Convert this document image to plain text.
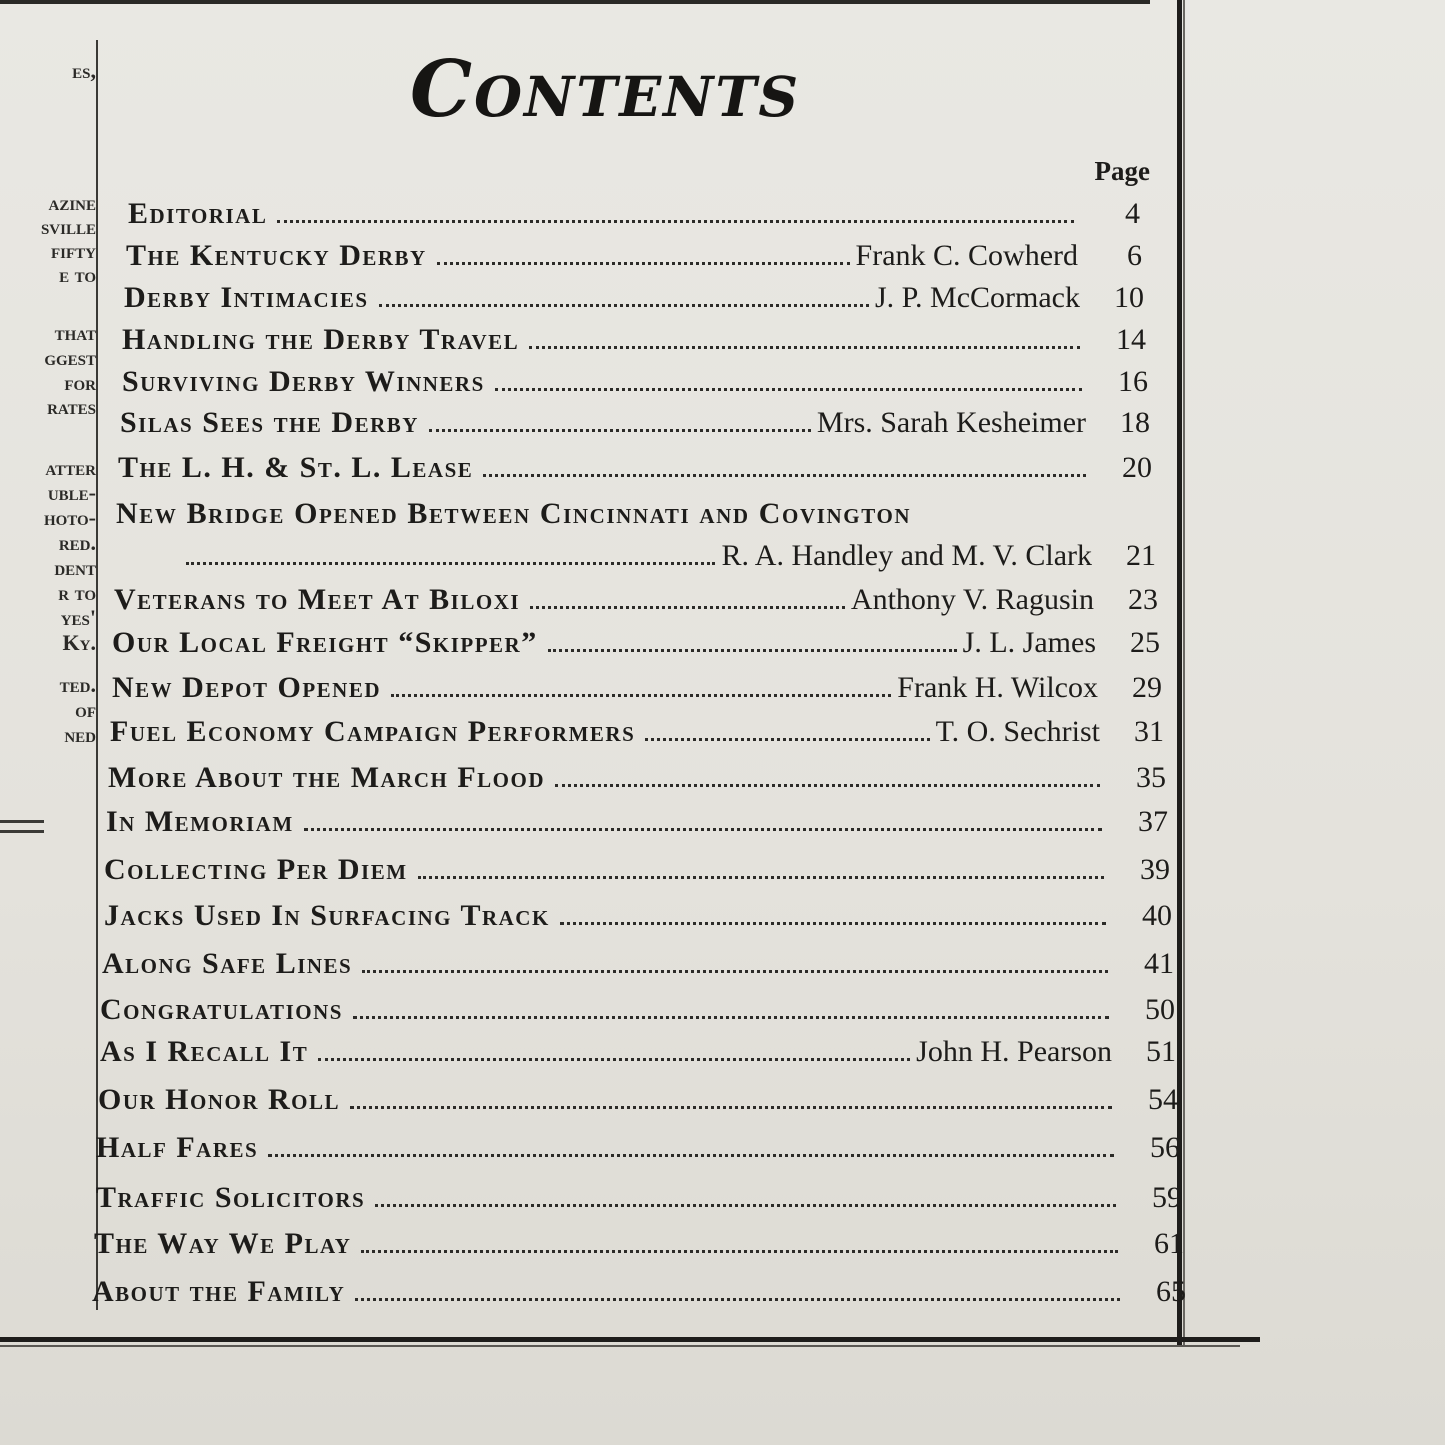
es,
azine
sville
fifty
e to
that
ggest
for
rates
atter
uble-
hoto-
red.
dent
r to
yes'
Ky.
ted.
of
ned
Contents
Page
Editorial	4
The Kentucky Derby	Frank C. Cowherd	6
Derby Intimacies	J. P. McCormack	10
Handling the Derby Travel	14
Surviving Derby Winners	16
Silas Sees the Derby	Mrs. Sarah Kesheimer	18
The L. H. & St. L. Lease	20
New Bridge Opened Between Cincinnati and Covington
R. A. Handley and M. V. Clark	21
Veterans to Meet At Biloxi	Anthony V. Ragusin	23
Our Local Freight “Skipper”	J. L. James	25
New Depot Opened	Frank H. Wilcox	29
Fuel Economy Campaign Performers	T. O. Sechrist	31
More About the March Flood	35
In Memoriam	37
Collecting Per Diem	39
Jacks Used In Surfacing Track	40
Along Safe Lines	41
Congratulations	50
As I Recall It	John H. Pearson	51
Our Honor Roll	54
Half Fares	56
Traffic Solicitors	59
The Way We Play	61
About the Family	65
